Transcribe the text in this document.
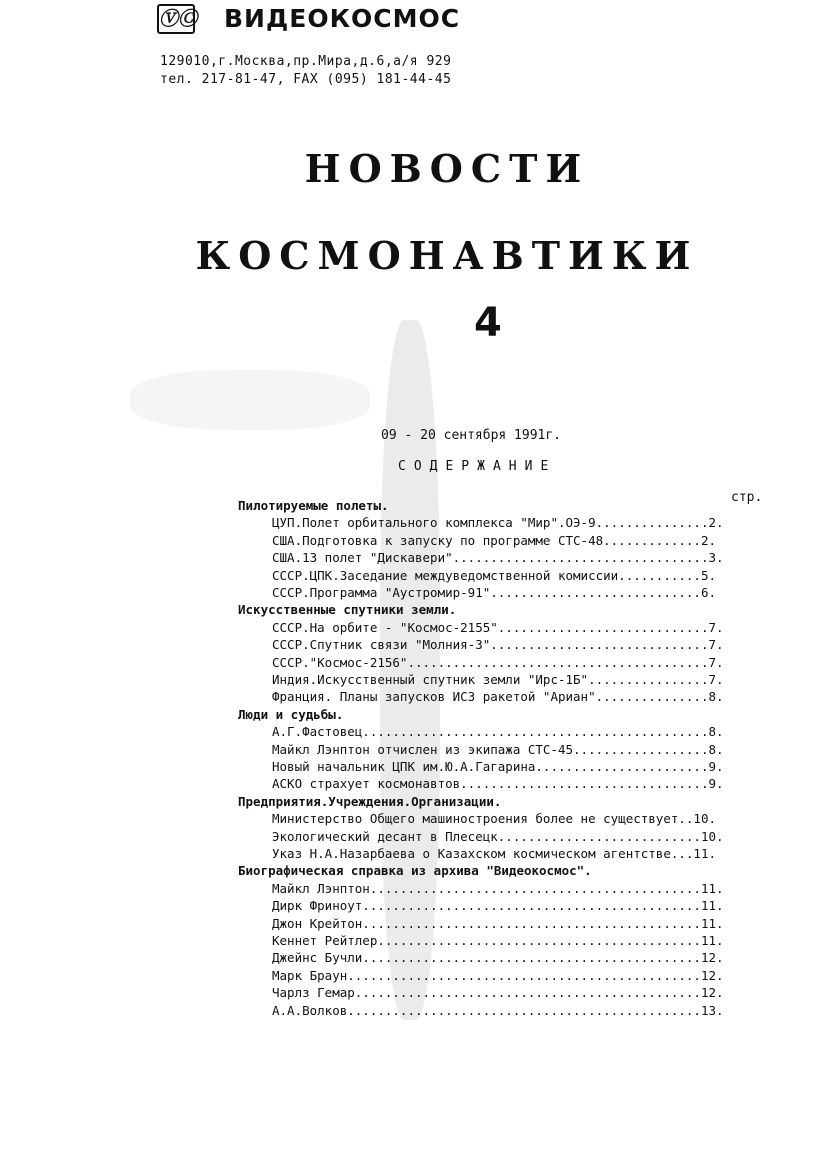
ⓋⒸ ВИДЕОКОСМОС
129010,г.Москва,пр.Мира,д.6,а/я 929
тел. 217-81-47, FAX (095) 181-44-45
НОВОСТИ
КОСМОНАВТИКИ
4
09 - 20 сентября 1991г.
СОДЕРЖАНИЕ
стр.
Пилотируемые полеты.
ЦУП.Полет орбитального комплекса "Мир".ОЭ-9...............2.
США.Подготовка к запуску по программе СТС-48.............2.
США.13 полет "Дискавери"..................................3.
СССР.ЦПК.Заседание междуведомственной комиссии...........5.
СССР.Программа "Аустромир-91"............................6.
Искусственные спутники земли.
СССР.На орбите - "Космос-2155"............................7.
СССР.Спутник связи "Молния-3".............................7.
СССР."Космос-2156"........................................7.
Индия.Искусственный спутник земли "Ирс-1Б"................7.
Франция. Планы запусков ИСЗ ракетой "Ариан"...............8.
Люди и судьбы.
А.Г.Фастовец..............................................8.
Майкл Лэнптон отчислен из экипажа СТС-45..................8.
Новый начальник ЦПК им.Ю.А.Гагарина.......................9.
АСКО страхует космонавтов.................................9.
Предприятия.Учреждения.Организации.
Министерство Общего машиностроения более не существует..10.
Экологический десант в Плесецк...........................10.
Указ Н.А.Назарбаева о Казахском космическом агентстве...11.
Биографическая справка из архива "Видеокосмос".
Майкл Лэнптон............................................11.
Дирк Фриноут.............................................11.
Джон Крейтон.............................................11.
Кеннет Рейтлер...........................................11.
Джейнс Бучли.............................................12.
Марк Браун...............................................12.
Чарлз Гемар..............................................12.
А.А.Волков...............................................13.
